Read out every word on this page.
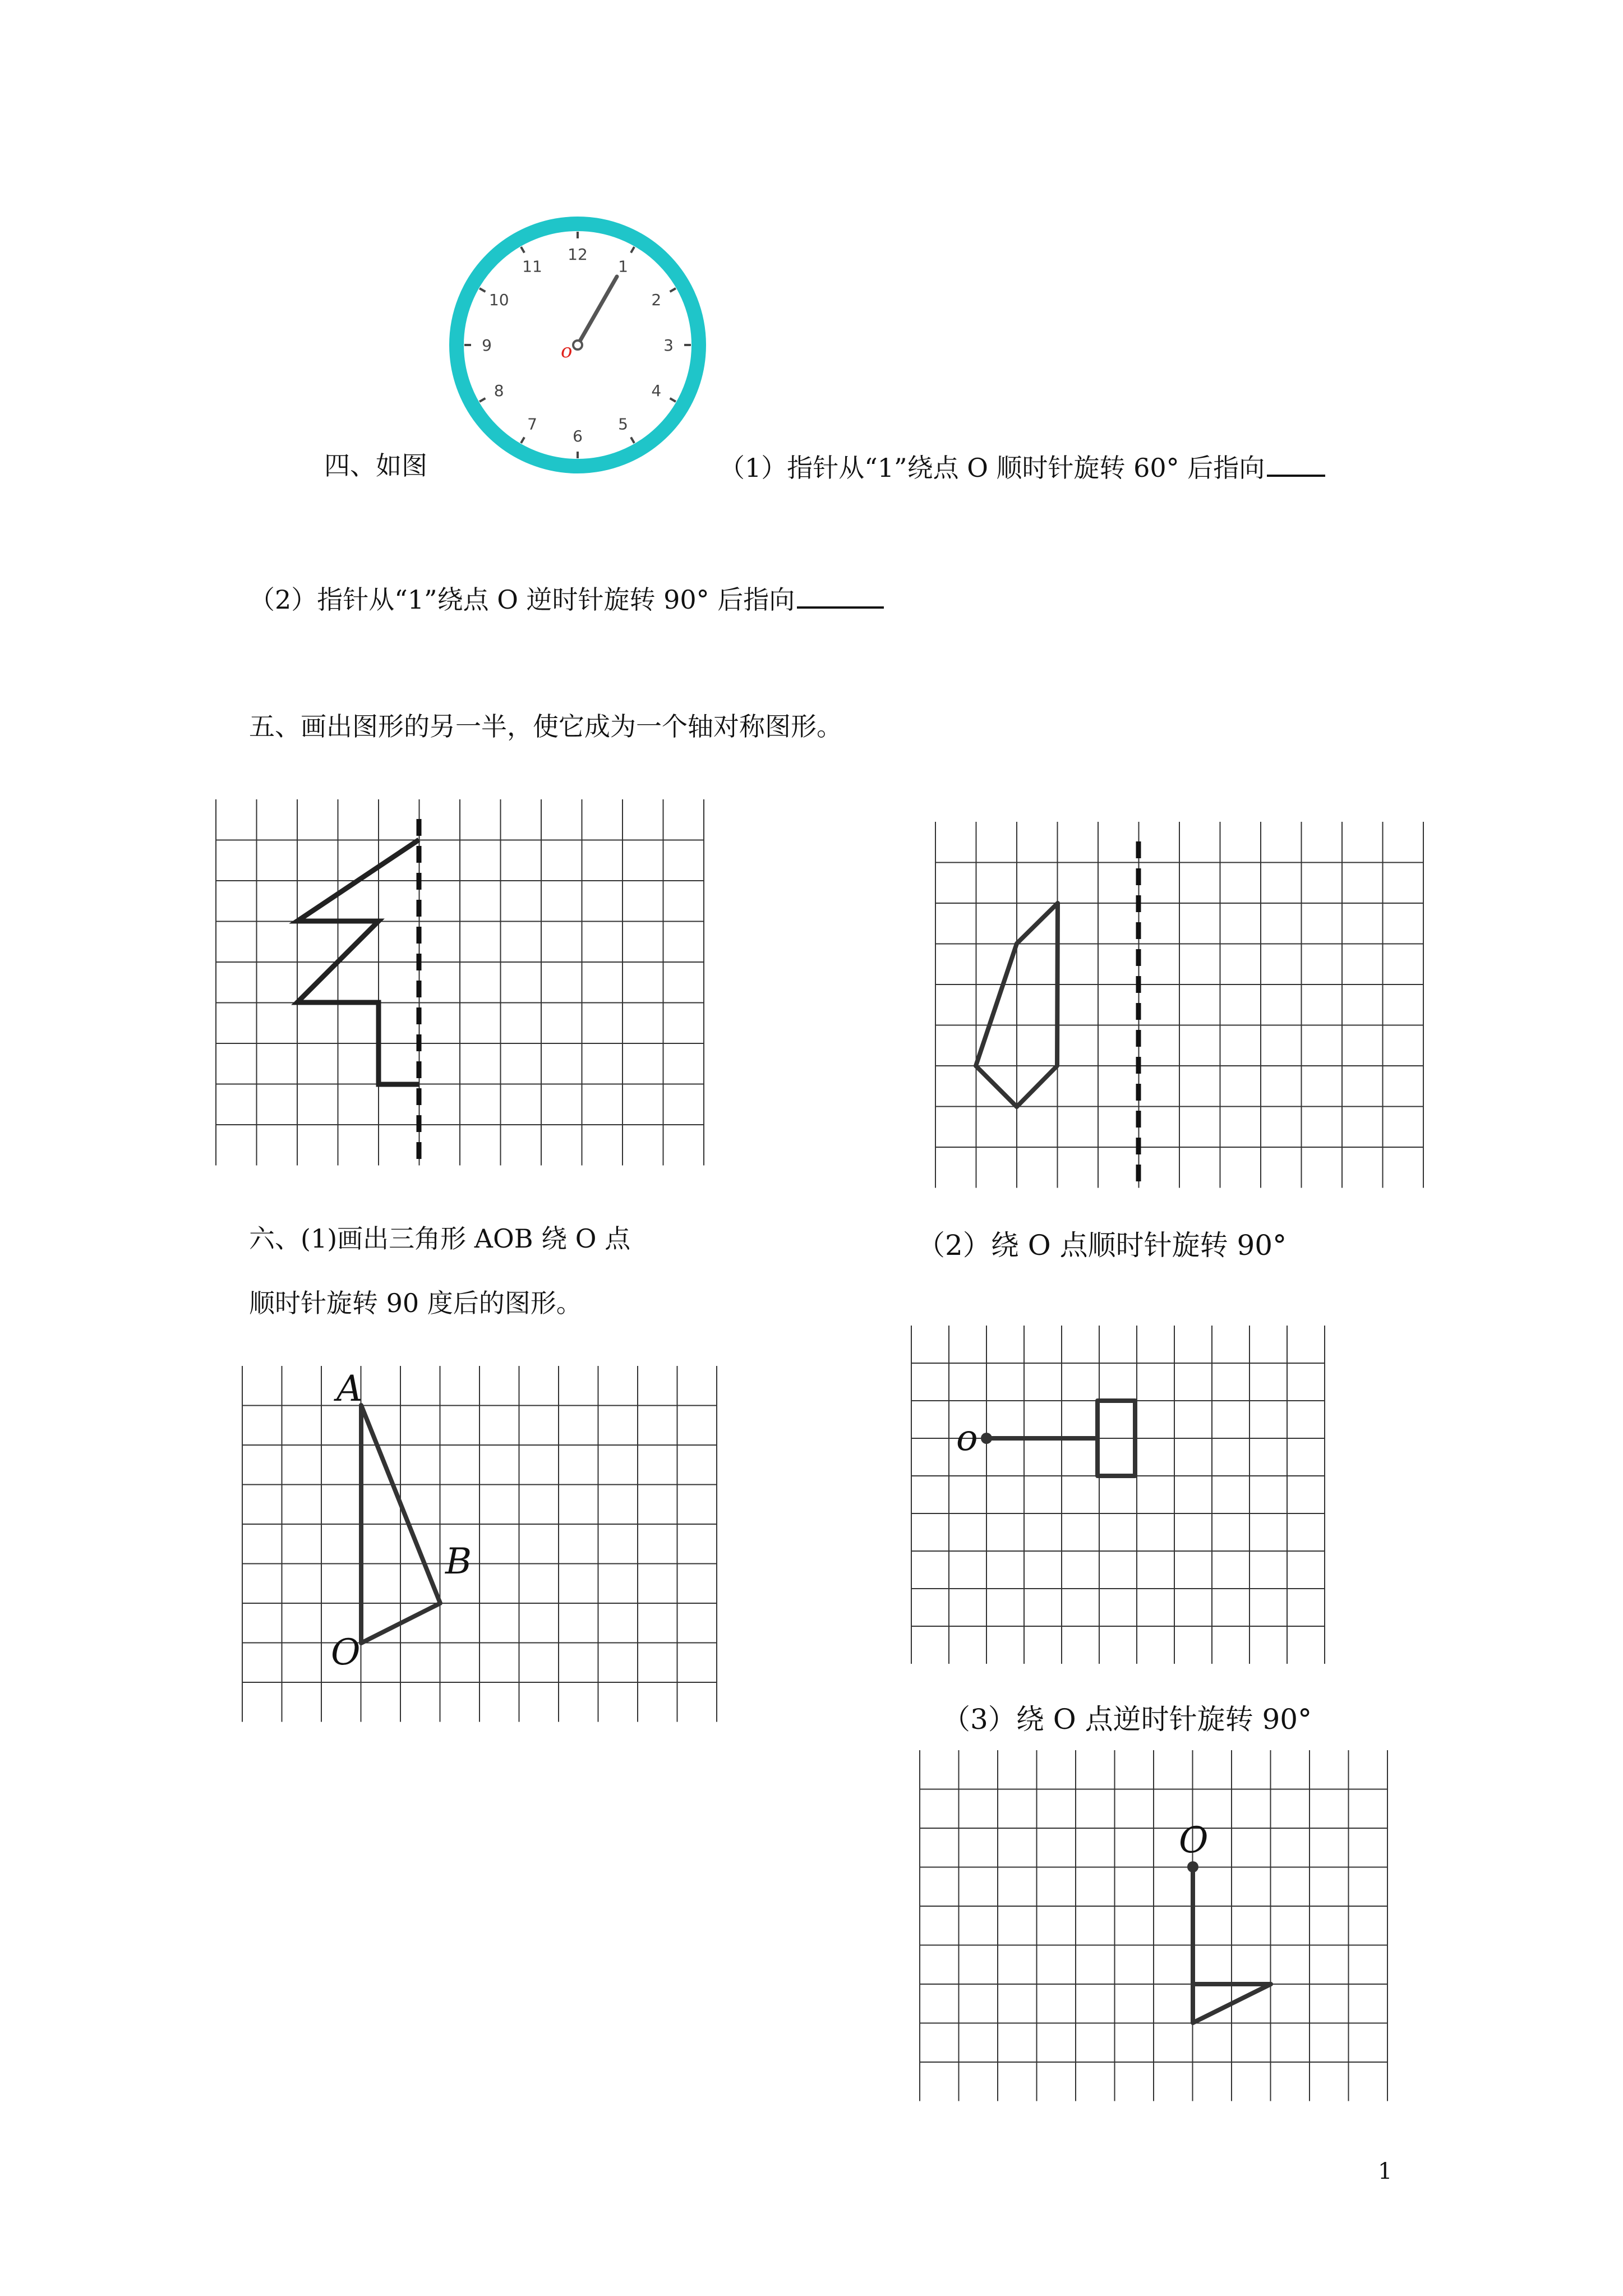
四、如图
12
1
2
3
4
5
6
7
8
9
10
11
o
（1）指针从“1”绕点 O 顺时针旋转 60° 后指向
（2）指针从“1”绕点 O 逆时针旋转 90° 后指向
五、画出图形的另一半，使它成为一个轴对称图形。
六、(1)画出三角形 AOB 绕 O 点
顺时针旋转 90 度后的图形。
（2）绕 O 点顺时针旋转 90°
A
B
O
o
（3）绕 O 点逆时针旋转 90°
O
1
